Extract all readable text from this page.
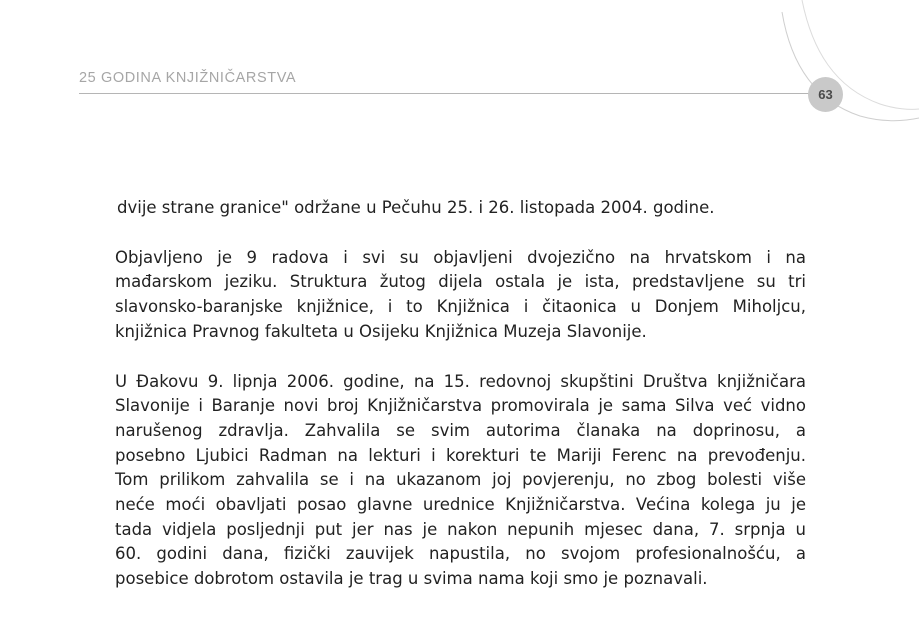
25 GODINA KNJIŽNIČARSTVA
63
dvije strane granice" održane u Pečuhu 25. i 26. listopada 2004. godine.
Objavljeno je 9 radova i svi su objavljeni dvojezično na hrvatskom i na
mađarskom jeziku. Struktura žutog dijela ostala je ista, predstavljene su tri
slavonsko-baranjske knjižnice, i to Knjižnica i čitaonica u Donjem Miholjcu,
knjižnica Pravnog fakulteta u Osijeku Knjižnica Muzeja Slavonije.
U Đakovu 9. lipnja 2006. godine, na 15. redovnoj skupštini Društva knjižničara
Slavonije i Baranje novi broj Knjižničarstva promovirala je sama Silva već vidno
narušenog zdravlja. Zahvalila se svim autorima članaka na doprinosu, a
posebno Ljubici Radman na lekturi i korekturi te Mariji Ferenc na prevođenju.
Tom prilikom zahvalila se i na ukazanom joj povjerenju, no zbog bolesti više
neće moći obavljati posao glavne urednice Knjižničarstva. Većina kolega ju je
tada vidjela posljednji put jer nas je nakon nepunih mjesec dana, 7. srpnja u
60. godini dana, fizički zauvijek napustila, no svojom profesionalnošću, a
posebice dobrotom ostavila je trag u svima nama koji smo je poznavali.
